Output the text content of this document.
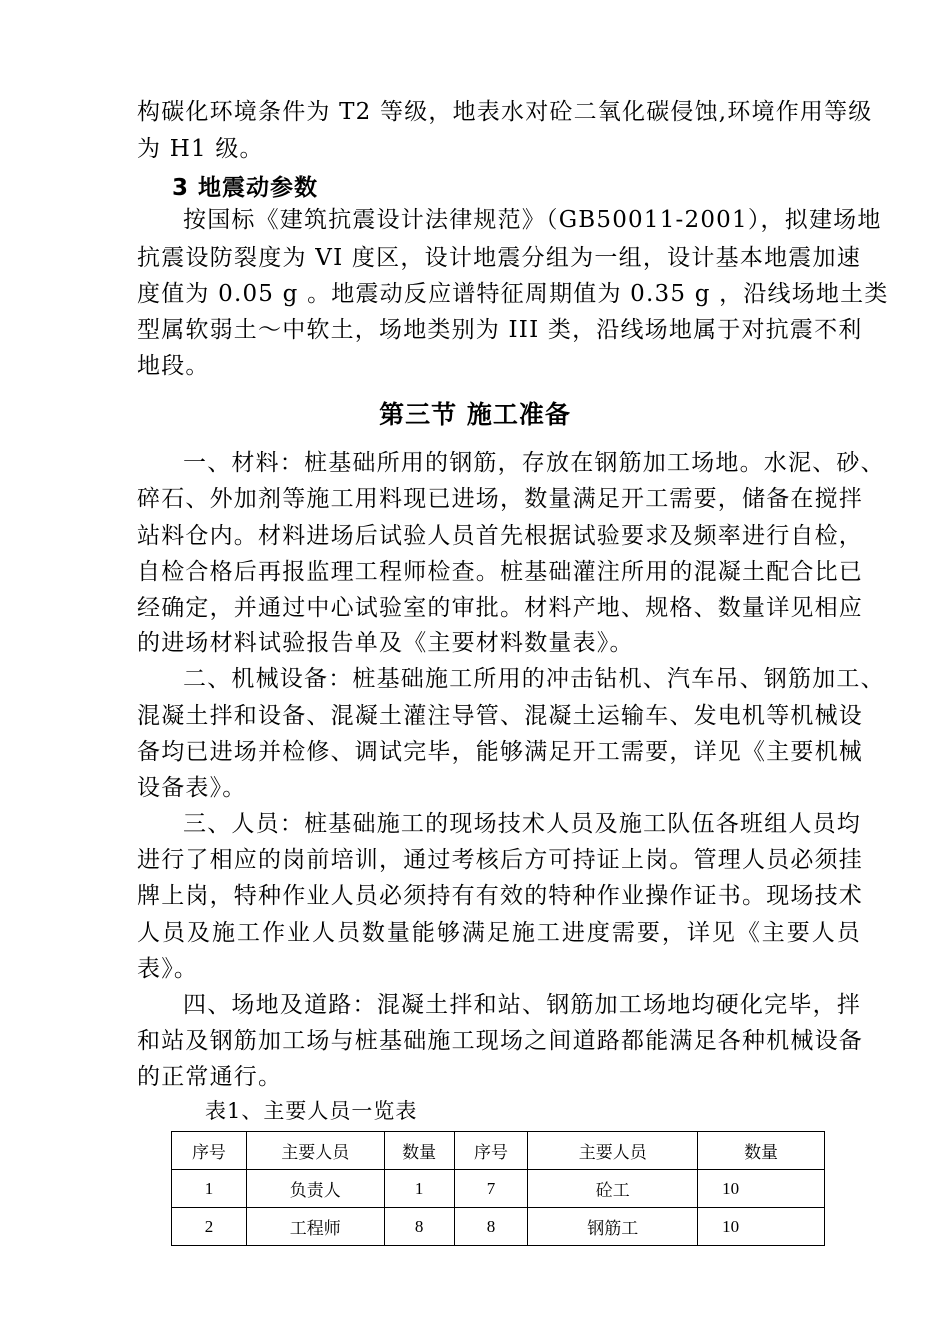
构碳化环境条件为 T2 等级，地表水对砼二氧化碳侵蚀,环境作用等级
为 H1 级。
3 地震动参数
按国标《建筑抗震设计法律规范》（GB50011-2001），拟建场地
抗震设防裂度为 VI 度区，设计地震分组为一组，设计基本地震加速
度值为 0.05 g 。地震动反应谱特征周期值为 0.35 g ，沿线场地土类
型属软弱土～中软土，场地类别为 III 类，沿线场地属于对抗震不利
地段。
第三节 施工准备
一、材料：桩基础所用的钢筋，存放在钢筋加工场地。水泥、砂、
碎石、外加剂等施工用料现已进场，数量满足开工需要，储备在搅拌
站料仓内。材料进场后试验人员首先根据试验要求及频率进行自检，
自检合格后再报监理工程师检查。桩基础灌注所用的混凝土配合比已
经确定，并通过中心试验室的审批。材料产地、规格、数量详见相应
的进场材料试验报告单及《主要材料数量表》。
二、机械设备：桩基础施工所用的冲击钻机、汽车吊、钢筋加工、
混凝土拌和设备、混凝土灌注导管、混凝土运输车、发电机等机械设
备均已进场并检修、调试完毕，能够满足开工需要，详见《主要机械
设备表》。
三、人员：桩基础施工的现场技术人员及施工队伍各班组人员均
进行了相应的岗前培训，通过考核后方可持证上岗。管理人员必须挂
牌上岗，特种作业人员必须持有有效的特种作业操作证书。现场技术
人员及施工作业人员数量能够满足施工进度需要，详见《主要人员
表》。
四、场地及道路：混凝土拌和站、钢筋加工场地均硬化完毕，拌
和站及钢筋加工场与桩基础施工现场之间道路都能满足各种机械设备
的正常通行。
表1、主要人员一览表
序号	主要人员	数量	序号	主要人员	数量
1	负责人	1	7	砼工	10
2	工程师	8	8	钢筋工	10
